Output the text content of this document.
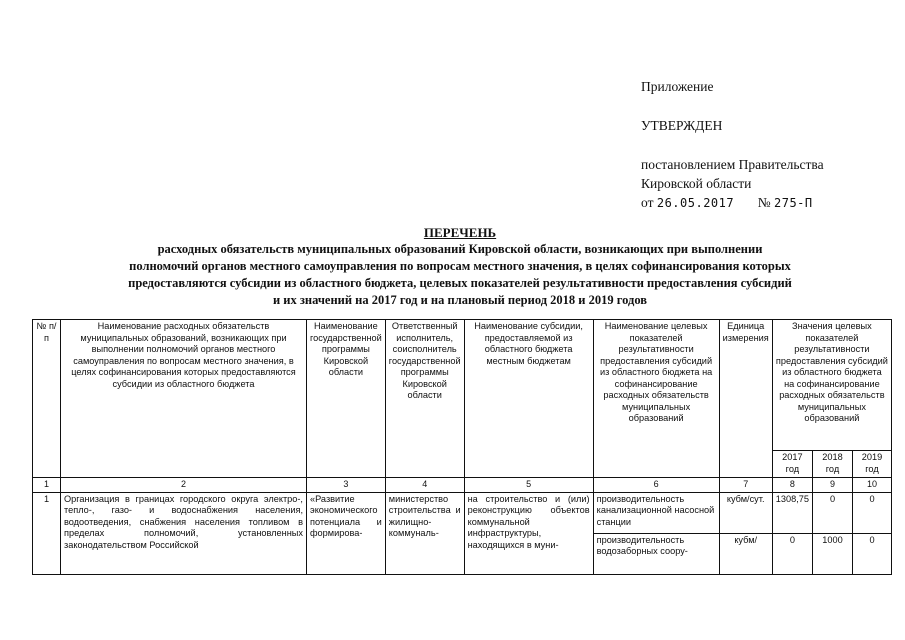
Приложение
УТВЕРЖДЕН
постановлением Правительства
Кировской области
от 26.05.2017 № 275-П
ПЕРЕЧЕНЬ
расходных обязательств муниципальных образований Кировской области, возникающих при выполнении
полномочий органов местного самоуправления по вопросам местного значения, в целях софинансирования которых
предоставляются субсидии из областного бюджета, целевых показателей результативности предоставления субсидий
и их значений на 2017 год и на плановый период 2018 и 2019 годов
№ п/п	Наименование расходных обязательств муниципальных образований, возникающих при выполнении полномочий органов местного самоуправления по вопросам местного значения, в целях софинансирования которых предоставляются субсидии из областного бюджета	Наименование государственной программы Кировской области	Ответственный исполнитель, соисполнитель государственной программы Кировской области	Наименование субсидии, предоставляемой из областного бюджета местным бюджетам	Наименование целевых показателей результативности предоставления субсидий из областного бюджета на софинансирование расходных обязательств муниципальных образований	Единица измерения	Значения целевых показателей результативности предоставления субсидий из областного бюджета на софинансирование расходных обязательств муниципальных образований		
							2017 год	2018 год	2019 год
1	2	3	4	5	6	7	8	9	10
1	Организация в границах городского округа электро-, тепло-, газо- и водоснабжения населения, водоотведения, снабжения населения топливом в пределах полномочий, установленных законодательством Российской	«Развитие экономического потенциала и формирова-	министерство строительства и жилищно-коммуналь-	на строительство и (или) реконструкцию объектов коммунальной инфраструктуры, находящихся в муни-	производительность канализационной насосной станции	кубм/сут.	1308,75	0	0
					производительность водозаборных соору-	кубм/	0	1000	0
